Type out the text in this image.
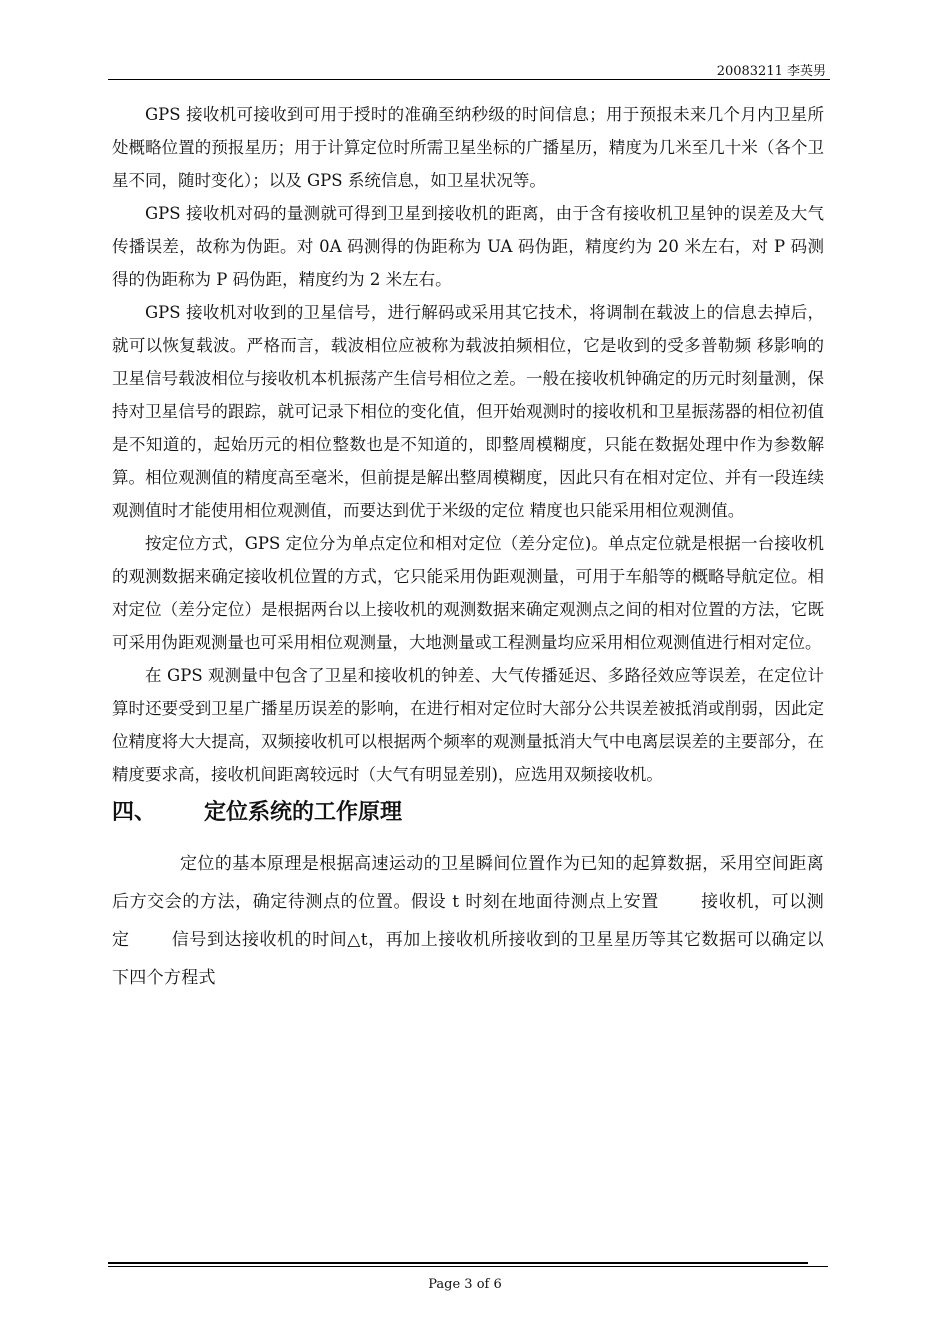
20083211 李英男

GPS 接收机可接收到可用于授时的准确至纳秒级的时间信息；用于预报未来几个月内卫星所处概略位置的预报星历；用于计算定位时所需卫星坐标的广播星历，精度为几米至几十米（各个卫星不同，随时变化）；以及 GPS 系统信息，如卫星状况等。

GPS 接收机对码的量测就可得到卫星到接收机的距离，由于含有接收机卫星钟的误差及大气传播误差，故称为伪距。对 0A 码测得的伪距称为 UA 码伪距，精度约为 20 米左右，对 P 码测得的伪距称为 P 码伪距，精度约为 2 米左右。

GPS 接收机对收到的卫星信号，进行解码或采用其它技术，将调制在载波上的信息去掉后，就可以恢复载波。严格而言，载波相位应被称为载波拍频相位，它是收到的受多普勒频 移影响的卫星信号载波相位与接收机本机振荡产生信号相位之差。一般在接收机钟确定的历元时刻量测，保持对卫星信号的跟踪，就可记录下相位的变化值，但开始观测时的接收机和卫星振荡器的相位初值是不知道的，起始历元的相位整数也是不知道的，即整周模糊度，只能在数据处理中作为参数解算。相位观测值的精度高至毫米，但前提是解出整周模糊度，因此只有在相对定位、并有一段连续观测值时才能使用相位观测值，而要达到优于米级的定位 精度也只能采用相位观测值。

按定位方式，GPS 定位分为单点定位和相对定位（差分定位)。单点定位就是根据一台接收机的观测数据来确定接收机位置的方式，它只能采用伪距观测量，可用于车船等的概略导航定位。相对定位（差分定位）是根据两台以上接收机的观测数据来确定观测点之间的相对位置的方法，它既可采用伪距观测量也可采用相位观测量，大地测量或工程测量均应采用相位观测值进行相对定位。

在 GPS 观测量中包含了卫星和接收机的钟差、大气传播延迟、多路径效应等误差，在定位计算时还要受到卫星广播星历误差的影响，在进行相对定位时大部分公共误差被抵消或削弱，因此定位精度将大大提高，双频接收机可以根据两个频率的观测量抵消大气中电离层误差的主要部分，在精度要求高，接收机间距离较远时（大气有明显差别)，应选用双频接收机。

四、 定位系统的工作原理

定位的基本原理是根据高速运动的卫星瞬间位置作为已知的起算数据，采用空间距离后方交会的方法，确定待测点的位置。假设 t 时刻在地面待测点上安置 接收机，可以测定 信号到达接收机的时间△t，再加上接收机所接收到的卫星星历等其它数据可以确定以下四个方程式

Page 3 of 6
